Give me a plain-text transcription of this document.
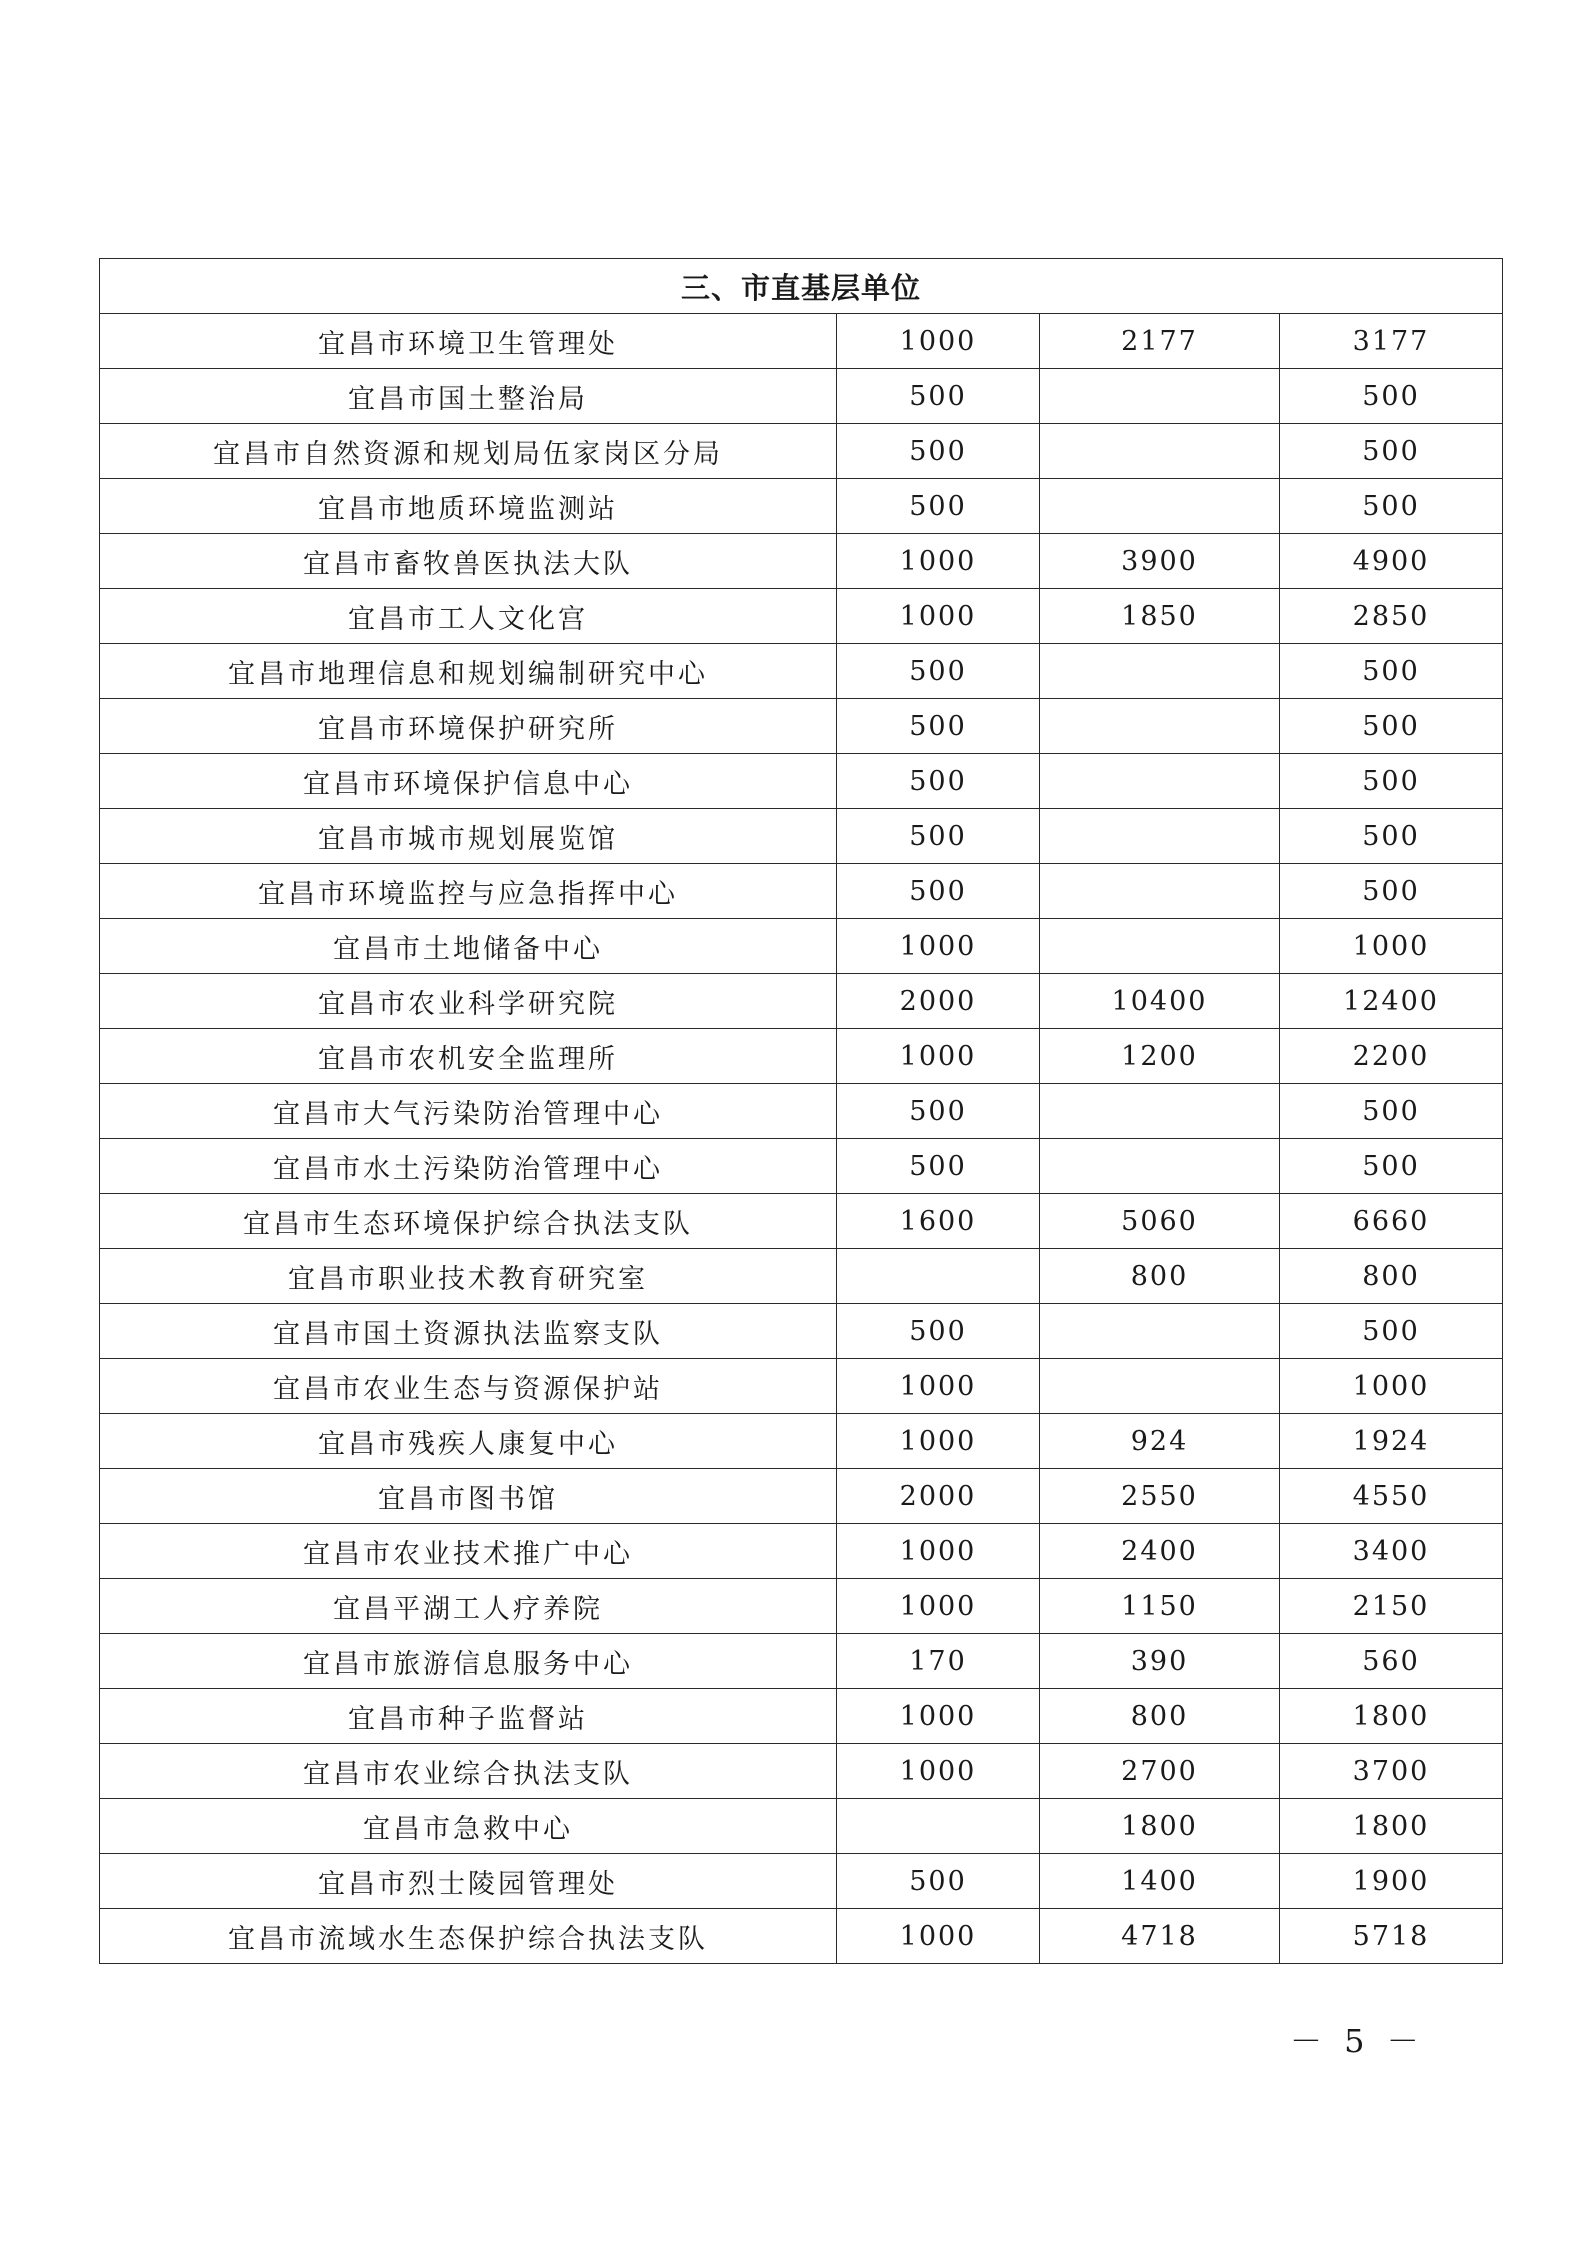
三、市直基层单位			
宜昌市环境卫生管理处	1000	2177	3177
宜昌市国土整治局	500		500
宜昌市自然资源和规划局伍家岗区分局	500		500
宜昌市地质环境监测站	500		500
宜昌市畜牧兽医执法大队	1000	3900	4900
宜昌市工人文化宫	1000	1850	2850
宜昌市地理信息和规划编制研究中心	500		500
宜昌市环境保护研究所	500		500
宜昌市环境保护信息中心	500		500
宜昌市城市规划展览馆	500		500
宜昌市环境监控与应急指挥中心	500		500
宜昌市土地储备中心	1000		1000
宜昌市农业科学研究院	2000	10400	12400
宜昌市农机安全监理所	1000	1200	2200
宜昌市大气污染防治管理中心	500		500
宜昌市水土污染防治管理中心	500		500
宜昌市生态环境保护综合执法支队	1600	5060	6660
宜昌市职业技术教育研究室		800	800
宜昌市国土资源执法监察支队	500		500
宜昌市农业生态与资源保护站	1000		1000
宜昌市残疾人康复中心	1000	924	1924
宜昌市图书馆	2000	2550	4550
宜昌市农业技术推广中心	1000	2400	3400
宜昌平湖工人疗养院	1000	1150	2150
宜昌市旅游信息服务中心	170	390	560
宜昌市种子监督站	1000	800	1800
宜昌市农业综合执法支队	1000	2700	3700
宜昌市急救中心		1800	1800
宜昌市烈士陵园管理处	500	1400	1900
宜昌市流域水生态保护综合执法支队	1000	4718	5718
－ 5 －
